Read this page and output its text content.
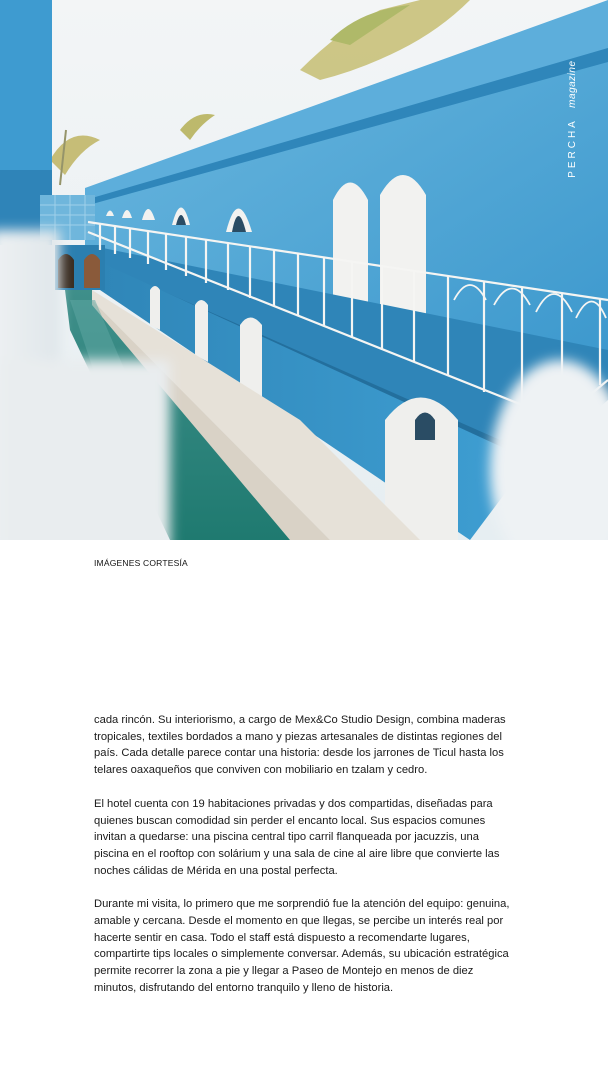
PERCHA magazine
IMÁGENES CORTESÍA

cada rincón. Su interiorismo, a cargo de Mex&Co Studio Design, combina maderas tropicales, textiles bordados a mano y piezas artesanales de distintas regiones del país. Cada detalle parece contar una historia: desde los jarrones de Ticul hasta los telares oaxaqueños que conviven con mobiliario en tzalam y cedro.

El hotel cuenta con 19 habitaciones privadas y dos compartidas, diseñadas para quienes buscan comodidad sin perder el encanto local. Sus espacios comunes invitan a quedarse: una piscina central tipo carril flanqueada por jacuzzis, una piscina en el rooftop con solárium y una sala de cine al aire libre que convierte las noches cálidas de Mérida en una postal perfecta.

Durante mi visita, lo primero que me sorprendió fue la atención del equipo: genuina, amable y cercana. Desde el momento en que llegas, se percibe un interés real por hacerte sentir en casa. Todo el staff está dispuesto a recomendarte lugares, compartirte tips locales o simplemente conversar. Además, su ubicación estratégica permite recorrer la zona a pie y llegar a Paseo de Montejo en menos de diez minutos, disfrutando del entorno tranquilo y lleno de historia.
